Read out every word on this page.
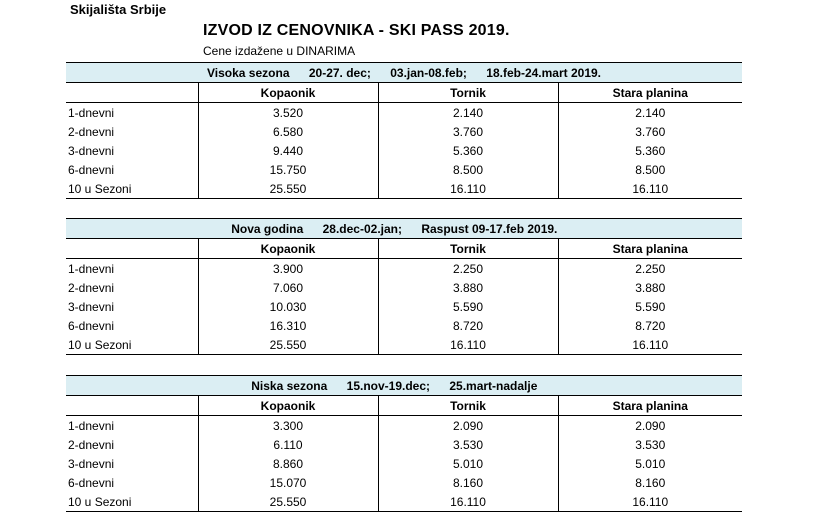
Skijališta Srbije
IZVOD IZ CENOVNIKA - SKI PASS 2019.
Cene izdažene u DINARIMA
Visoka sezona 20-27. dec; 03.jan-08.feb; 18.feb-24.mart 2019.			
	Kopaonik	Tornik	Stara planina
1-dnevni	3.520	2.140	2.140
2-dnevni	6.580	3.760	3.760
3-dnevni	9.440	5.360	5.360
6-dnevni	15.750	8.500	8.500
10 u Sezoni	25.550	16.110	16.110
Nova godina 28.dec-02.jan; Raspust 09-17.feb 2019.			
	Kopaonik	Tornik	Stara planina
1-dnevni	3.900	2.250	2.250
2-dnevni	7.060	3.880	3.880
3-dnevni	10.030	5.590	5.590
6-dnevni	16.310	8.720	8.720
10 u Sezoni	25.550	16.110	16.110
Niska sezona 15.nov-19.dec; 25.mart-nadalje			
	Kopaonik	Tornik	Stara planina
1-dnevni	3.300	2.090	2.090
2-dnevni	6.110	3.530	3.530
3-dnevni	8.860	5.010	5.010
6-dnevni	15.070	8.160	8.160
10 u Sezoni	25.550	16.110	16.110
